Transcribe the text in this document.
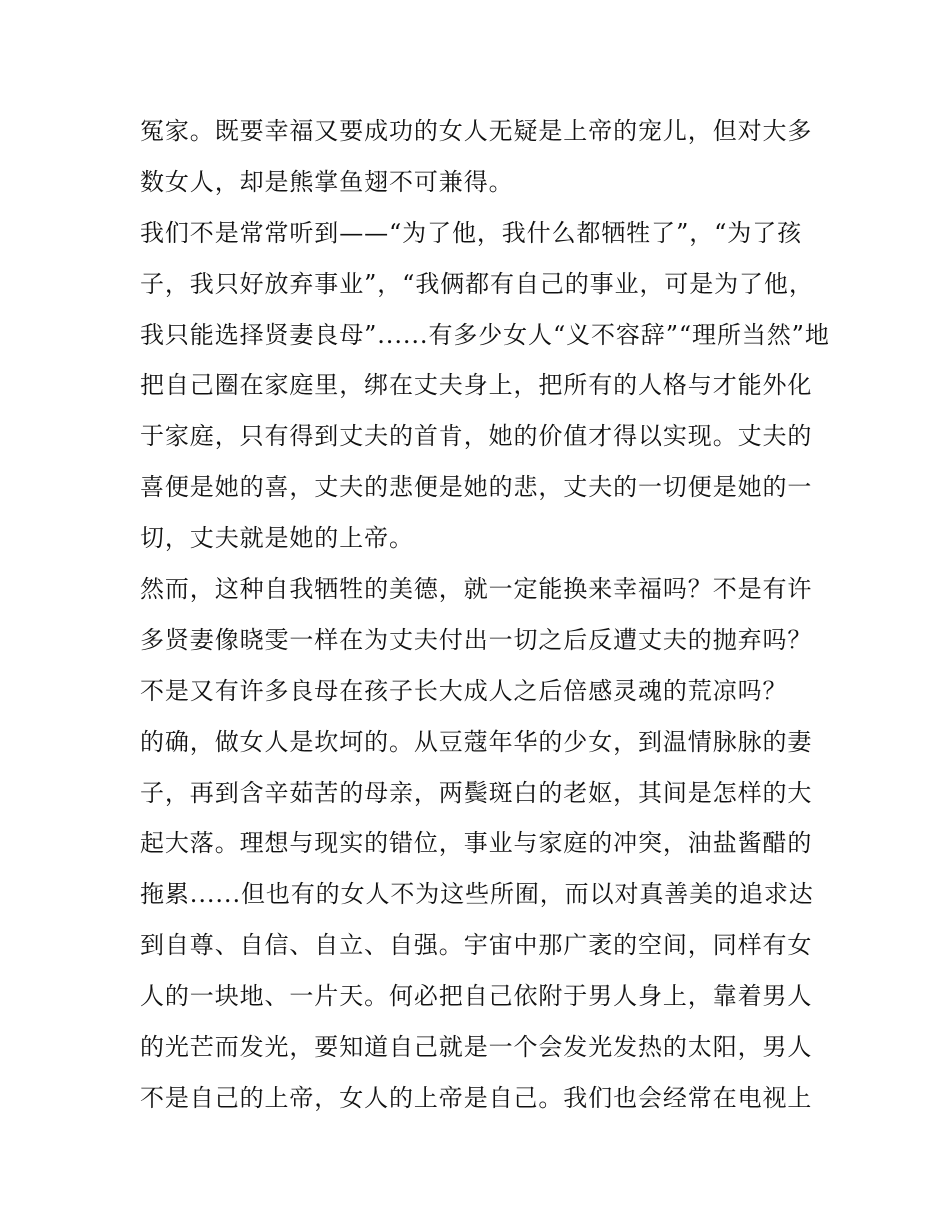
冤家。既要幸福又要成功的女人无疑是上帝的宠儿，但对大多
数女人，却是熊掌鱼翅不可兼得。
我们不是常常听到——“为了他，我什么都牺牲了”，“为了孩
子，我只好放弃事业”，“我俩都有自己的事业，可是为了他，
我只能选择贤妻良母”......有多少女人“义不容辞”“理所当然”地
把自己圈在家庭里，绑在丈夫身上，把所有的人格与才能外化
于家庭，只有得到丈夫的首肯，她的价值才得以实现。丈夫的
喜便是她的喜，丈夫的悲便是她的悲，丈夫的一切便是她的一
切，丈夫就是她的上帝。
然而，这种自我牺牲的美德，就一定能换来幸福吗？不是有许
多贤妻像晓雯一样在为丈夫付出一切之后反遭丈夫的抛弃吗？
不是又有许多良母在孩子长大成人之后倍感灵魂的荒凉吗？
的确，做女人是坎坷的。从豆蔻年华的少女，到温情脉脉的妻
子，再到含辛茹苦的母亲，两鬓斑白的老妪，其间是怎样的大
起大落。理想与现实的错位，事业与家庭的冲突，油盐酱醋的
拖累......但也有的女人不为这些所囿，而以对真善美的追求达
到自尊、自信、自立、自强。宇宙中那广袤的空间，同样有女
人的一块地、一片天。何必把自己依附于男人身上，靠着男人
的光芒而发光，要知道自己就是一个会发光发热的太阳，男人
不是自己的上帝，女人的上帝是自己。我们也会经常在电视上
